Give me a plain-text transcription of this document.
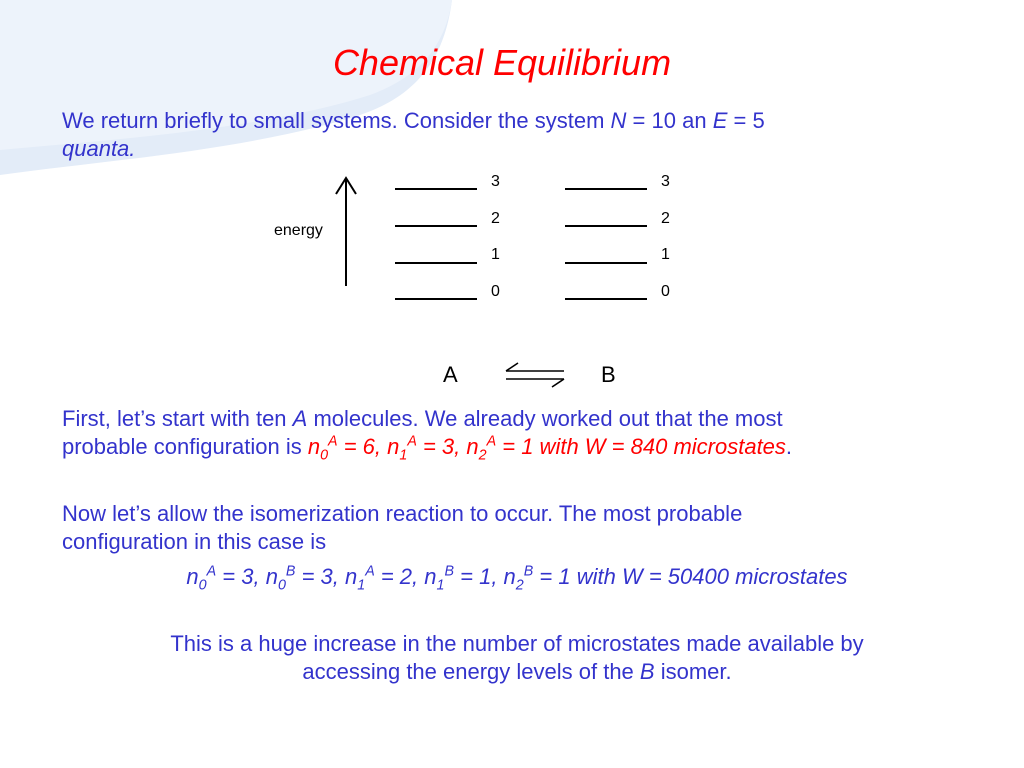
Chemical Equilibrium
We return briefly to small systems. Consider the system N = 10 an E = 5
quanta.
energy
3
2
1
0
3
2
1
0
A	B
First, let’s start with ten A molecules. We already worked out that the most
probable configuration is $n_0^A = 6$, $n_1^A = 3$, $n_2^A = 1$ with W = 840 microstates.
Now let’s allow the isomerization reaction to occur. The most probable
configuration in this case is
$n_0^A = 3$, $n_0^B = 3$, $n_1^A = 2$, $n_1^B = 1$, $n_2^B = 1$ with W = 50400 microstates
This is a huge increase in the number of microstates made available by
accessing the energy levels of the B isomer.
